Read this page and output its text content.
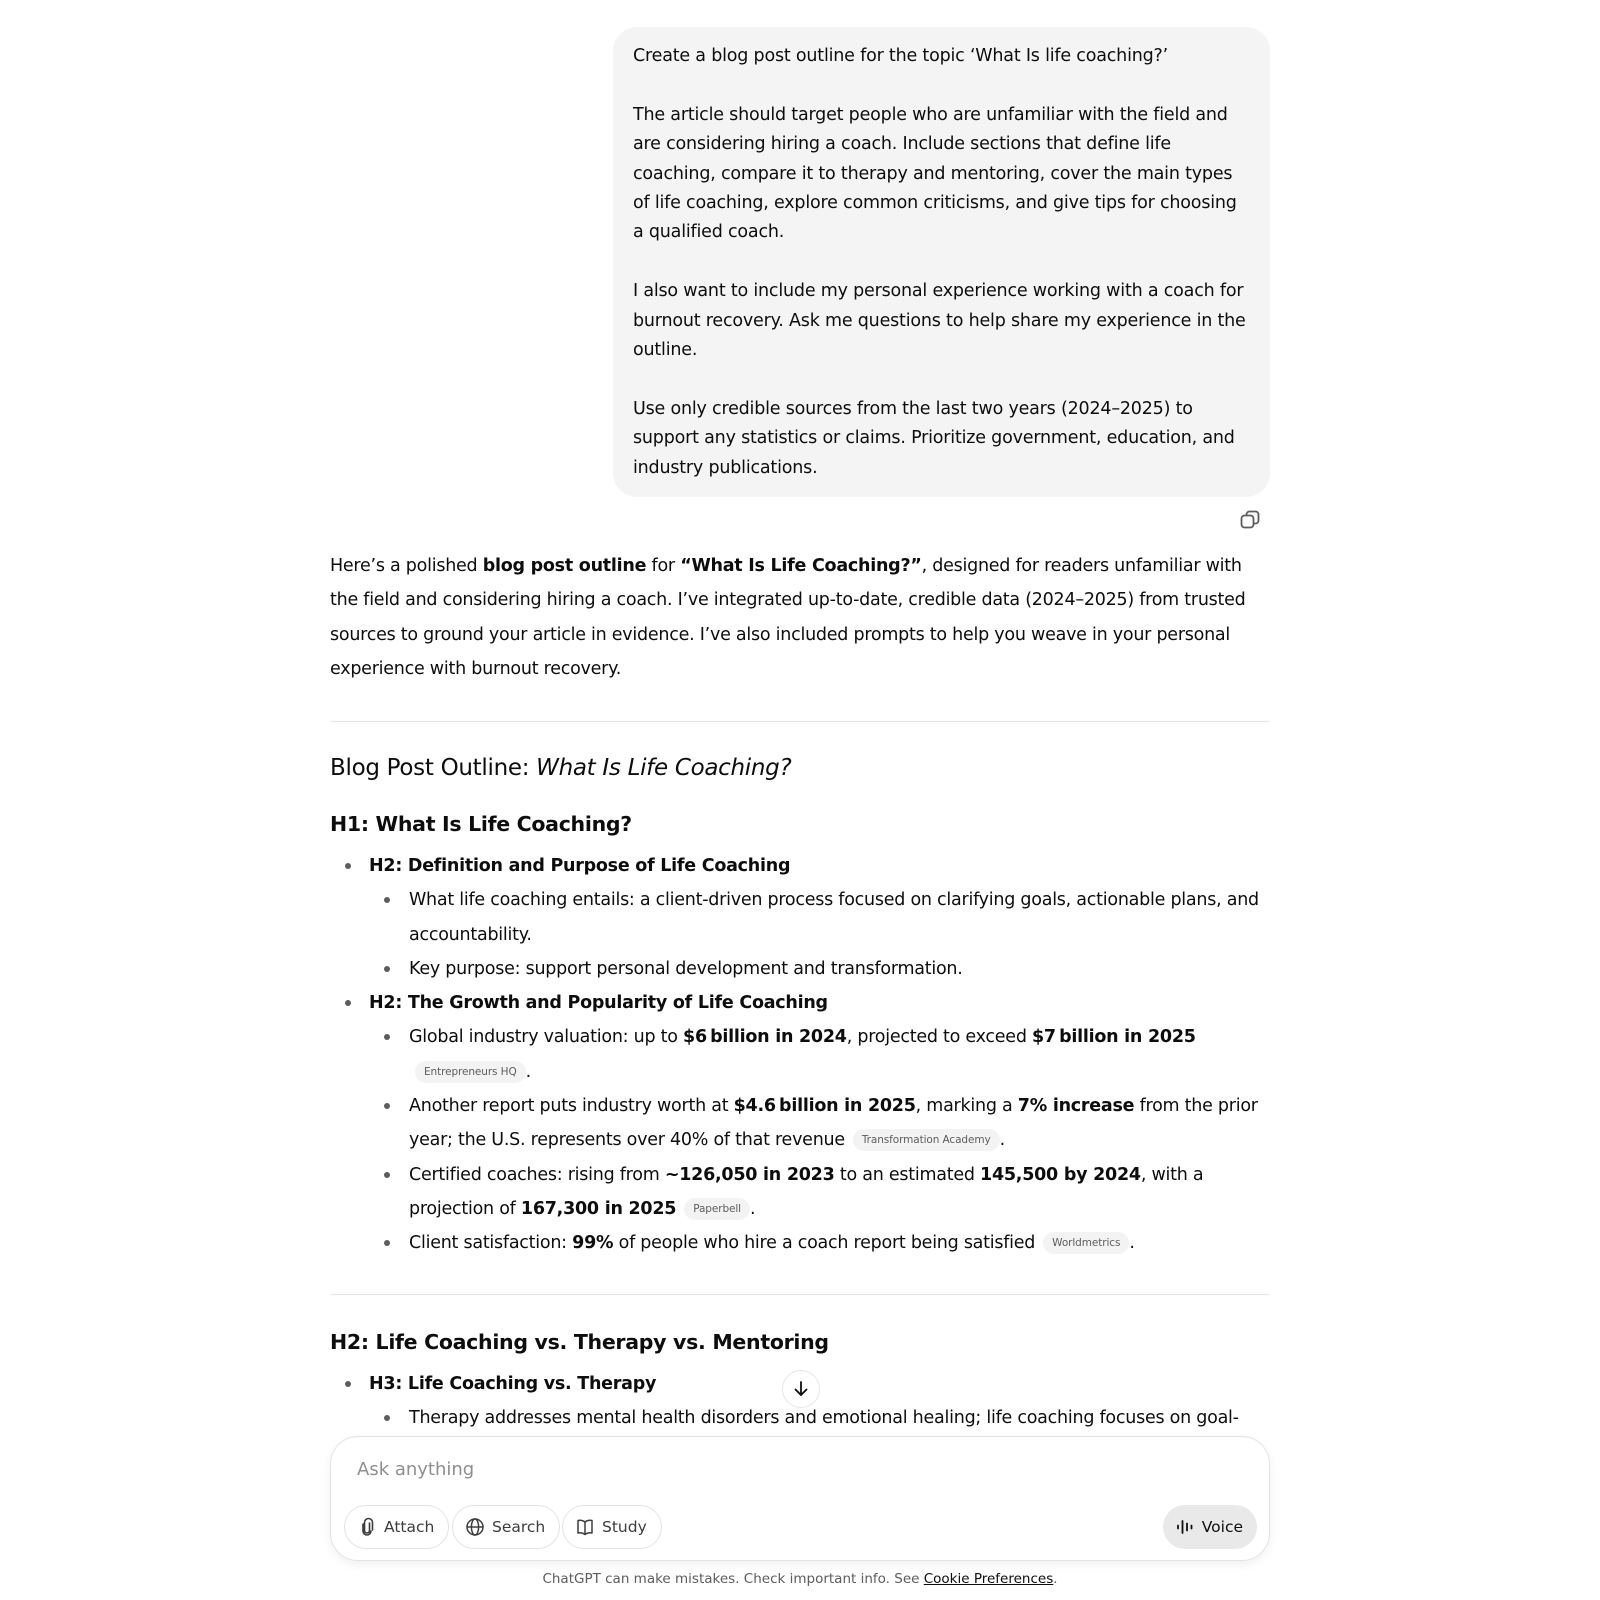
Create a blog post outline for the topic ‘What Is life coaching?’

The article should target people who are unfamiliar with the field and are considering hiring a coach. Include sections that define life coaching, compare it to therapy and mentoring, cover the main types of life coaching, explore common criticisms, and give tips for choosing a qualified coach.

I also want to include my personal experience working with a coach for burnout recovery. Ask me questions to help share my experience in the outline.

Use only credible sources from the last two years (2024–2025) to support any statistics or claims. Prioritize government, education, and industry publications.

Here’s a polished blog post outline for “What Is Life Coaching?”, designed for readers unfamiliar with the field and considering hiring a coach. I’ve integrated up-to-date, credible data (2024–2025) from trusted sources to ground your article in evidence. I’ve also included prompts to help you weave in your personal experience with burnout recovery.
Blog Post Outline: What Is Life Coaching?
H1: What Is Life Coaching?
H2: Definition and Purpose of Life Coaching
What life coaching entails: a client-driven process focused on clarifying goals, actionable plans, and accountability.
Key purpose: support personal development and transformation.
H2: The Growth and Popularity of Life Coaching
Global industry valuation: up to $6 billion in 2024, projected to exceed $7 billion in 2025
Entrepreneurs HQ .
Another report puts industry worth at $4.6 billion in 2025, marking a 7% increase from the prior year; the U.S. represents over 40% of that revenue Transformation Academy .
Certified coaches: rising from ~126,050 in 2023 to an estimated 145,500 by 2024, with a projection of 167,300 in 2025 Paperbell .
Client satisfaction: 99% of people who hire a coach report being satisfied Worldmetrics .
H2: Life Coaching vs. Therapy vs. Mentoring
H3: Life Coaching vs. Therapy
Therapy addresses mental health disorders and emotional healing; life coaching focuses on goal-
Ask anything
Attach	Search	Study	Voice
ChatGPT can make mistakes. Check important info. See Cookie Preferences.
